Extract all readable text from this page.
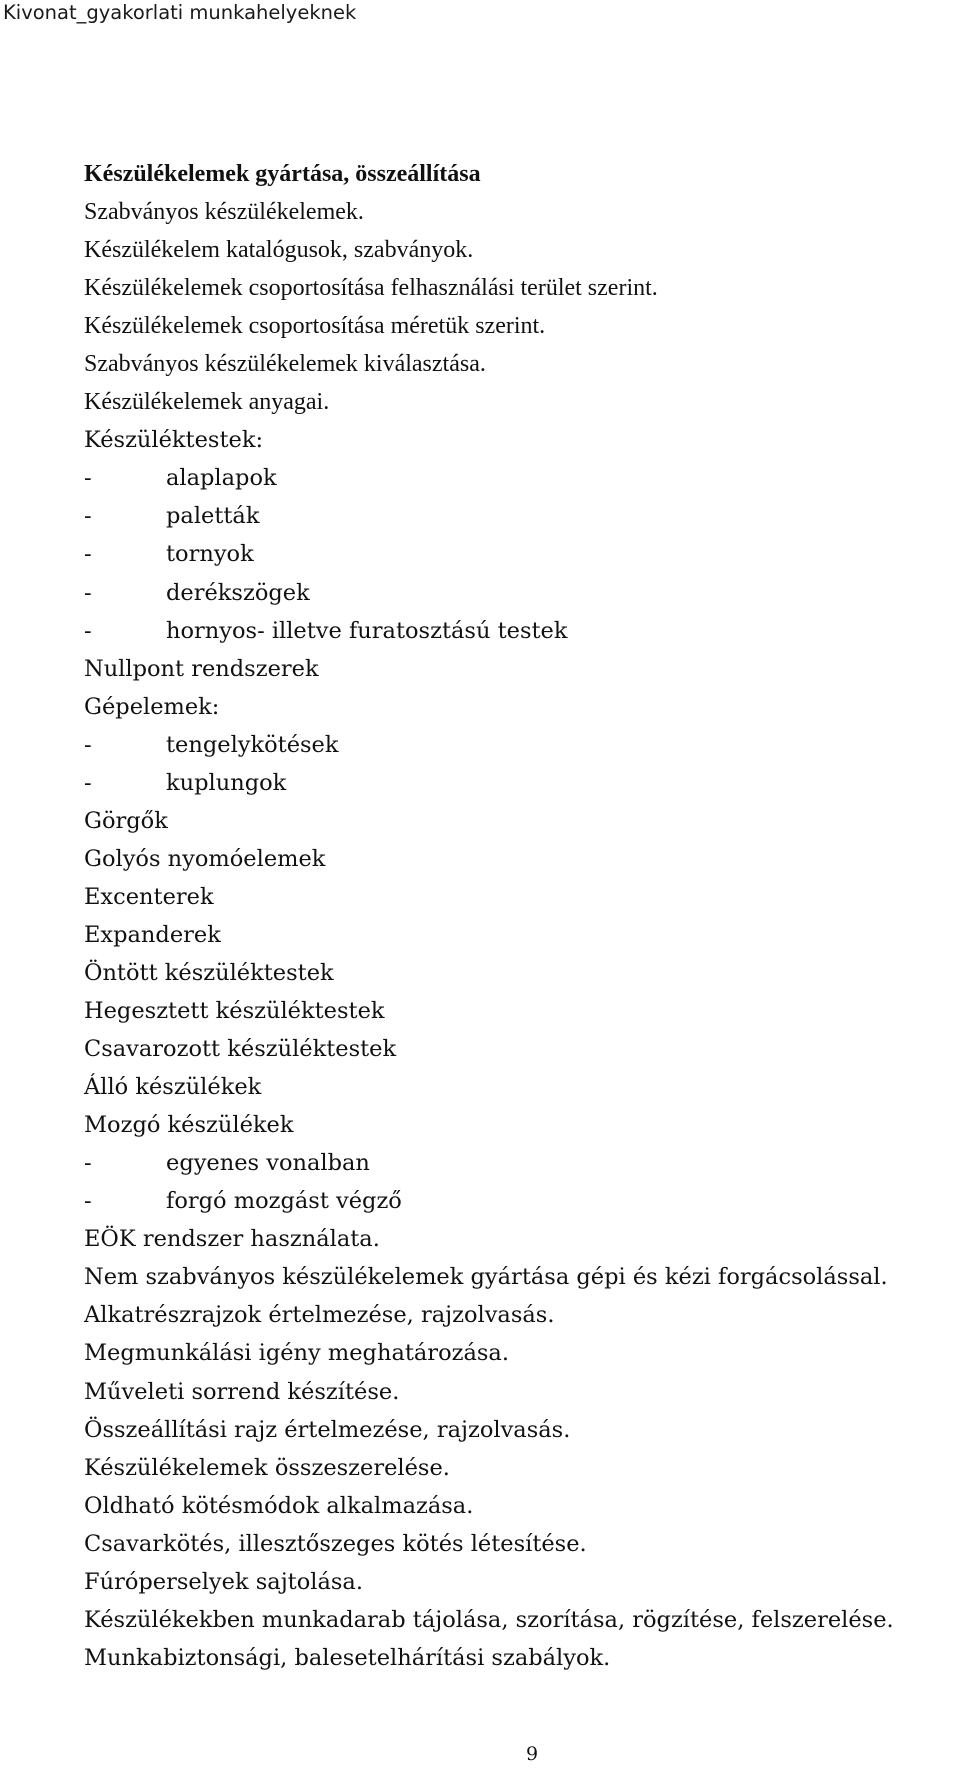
Kivonat_gyakorlati munkahelyeknek
Készülékelemek gyártása, összeállítása
Szabványos készülékelemek.
Készülékelem katalógusok, szabványok.
Készülékelemek csoportosítása felhasználási terület szerint.
Készülékelemek csoportosítása méretük szerint.
Szabványos készülékelemek kiválasztása.
Készülékelemek anyagai.
Készüléktestek:
-	alaplapok
-	paletták
-	tornyok
-	derékszögek
-	hornyos- illetve furatosztású testek
Nullpont rendszerek
Gépelemek:
-	tengelykötések
-	kuplungok
Görgők
Golyós nyomóelemek
Excenterek
Expanderek
Öntött készüléktestek
Hegesztett készüléktestek
Csavarozott készüléktestek
Álló készülékek
Mozgó készülékek
-	egyenes vonalban
-	forgó mozgást végző
EÖK rendszer használata.
Nem szabványos készülékelemek gyártása gépi és kézi forgácsolással.
Alkatrészrajzok értelmezése, rajzolvasás.
Megmunkálási igény meghatározása.
Műveleti sorrend készítése.
Összeállítási rajz értelmezése, rajzolvasás.
Készülékelemek összeszerelése.
Oldható kötésmódok alkalmazása.
Csavarkötés, illesztőszeges kötés létesítése.
Fúróperselyek sajtolása.
Készülékekben munkadarab tájolása, szorítása, rögzítése, felszerelése.
Munkabiztonsági, balesetelhárítási szabályok.
9
